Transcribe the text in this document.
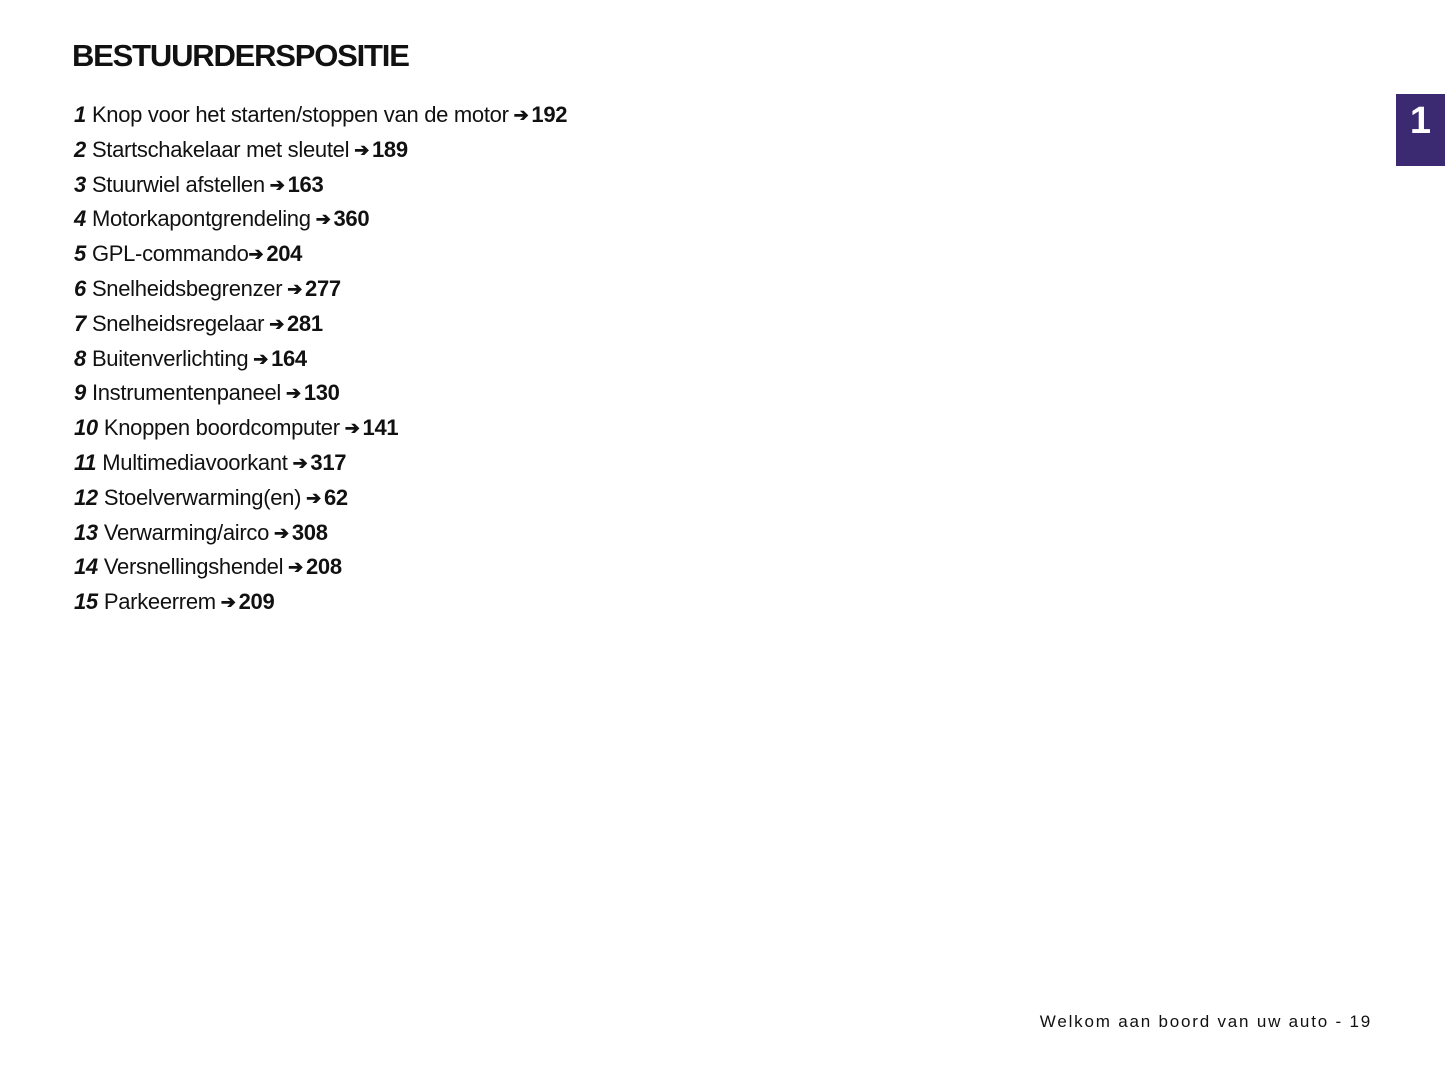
BESTUURDERSPOSITIE
1
1 Knop voor het starten/stoppen van de motor ➔ 192
2 Startschakelaar met sleutel ➔ 189
3 Stuurwiel afstellen ➔ 163
4 Motorkapontgrendeling ➔ 360
5 GPL-commando➔ 204
6 Snelheidsbegrenzer ➔ 277
7 Snelheidsregelaar ➔ 281
8 Buitenverlichting ➔ 164
9 Instrumentenpaneel ➔ 130
10 Knoppen boordcomputer ➔ 141
11 Multimediavoorkant ➔ 317
12 Stoelverwarming(en) ➔ 62
13 Verwarming/airco ➔ 308
14 Versnellingshendel ➔ 208
15 Parkeerrem ➔ 209
Welkom aan boord van uw auto - 19
